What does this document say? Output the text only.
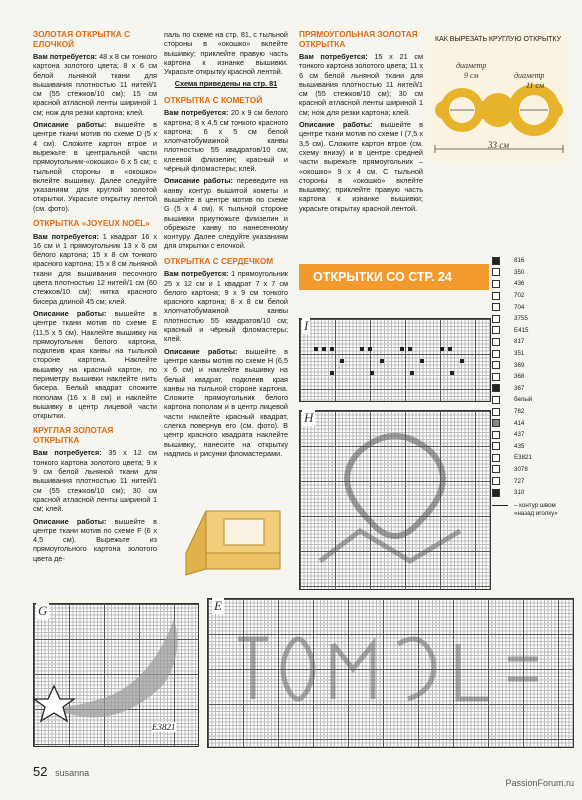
ЗОЛОТАЯ ОТКРЫТКА С ЕЛОЧКОЙ

Вам потребуется: 48 х 8 см тонкого картона золотого цвета; 8 х 6 см белой льняной ткани для вышивания плотностью 11 нитей/1 см (55 стежков/10 см); 15 см красной атласной ленты шириной 1 см; нож для резки картона; клей.

Описание работы: вышейте в центре ткани мотив по схеме D (5 х 4 см). Сложите картон втрое и вырежьте в центральной части прямоугольник-«окошко» 6 х 5 см; с тыльной стороны в «окошко» вклейте вышивку. Далее следуйте указаниям для круглой золотой открытки. Украсьте открытку лентой (см. фото).

ОТКРЫТКА «JOYEUX NOËL»

Вам потребуется: 1 квадрат 16 х 16 см и 1 прямоугольник 13 х 6 см белого картона; 15 х 8 см тонкого красного картона; 15 х 8 см льняной ткани для вышивания песочного цвета плотностью 12 нитей/1 см (60 стежков/10 см); нитка красного бисера длиной 45 см; клей.

Описание работы: вышейте в центре ткани мотив по схеме E (11,5 х 5 см). Наклейте вышивку на прямоугольник белого картона, подклеив края канвы на тыльной стороне картона. Наклейте вышивку на красный картон, по периметру вышивки наклейте нить бисера. Белый квадрат сложите пополам (16 х 8 см) и наклейте вышивку в центр лицевой части открытки.

КРУГЛАЯ ЗОЛОТАЯ ОТКРЫТКА

Вам потребуется: 35 х 12 см тонкого картона золотого цвета; 9 х 9 см белой льняной ткани для вышивания плотностью 11 нитей/1 см (55 стежков/10 см); 30 см красной атласной ленты шириной 1 см; клей.

Описание работы: вышейте в центре ткани мотив по схеме F (6 х 4,5 см). Вырежьте из прямоугольного картона золотого цвета де-

паль по схеме на стр. 81, с тыльной стороны в «окошко» вклейте вышивку; приклейте правую часть картона к изнанке вышивки. Украсьте открытку красной лентой.

Схема приведены на стр. 81

ОТКРЫТКА С КОМЕТОЙ

Вам потребуется: 20 х 9 см белого картона; 8 х 4,5 см тонкого красного картона; 6 х 5 см белой хлопчатобумажной канвы плотностью 55 квадратов/10 см; клеевой флизелин; красный и чёрный фломастеры; клей.

Описание работы: переведите на канву контур вышитой кометы и вышейте в центре мотив по схеме G (5 х 4 см). К тыльной стороне вышивки приутюжьте флизелин и обрежьте канву по нанесенному контуру. Далее следуйте указаниям для открытки с елочкой.

ОТКРЫТКА С СЕРДЕЧКОМ

Вам потребуется: 1 прямоугольник 25 х 12 см и 1 квадрат 7 х 7 см белого картона; 9 х 9 см тонкого красного картона; 8 х 8 см белой хлопчатобумажной канвы плотностью 55 квадратов/10 см; красный и чёрный фломастеры; клей.

Описание работы: вышейте в центре канвы мотив по схеме H (6,5 х 6 см) и наклейте вышивку на белый квадрат, подклеив края канвы на тыльной стороне картона. Сложите прямоугольник белого картона пополам и в центр лицевой части наклейте красный квадрат, слегка повернув его (см. фото). В центр красного квадрата наклейте вышивку; нанесите на открытку надпись и рисунки фломастерами.

ПРЯМОУГОЛЬНАЯ ЗОЛОТАЯ ОТКРЫТКА

Вам потребуется: 15 х 21 см тонкого картона золотого цвета; 11 х 6 см белой льняной ткани для вышивания плотностью 11 нитей/1 см (55 стежков/10 см); 30 см красной атласной ленты шириной 1 см; нож для резки картона; клей.

Описание работы: вышейте в центре ткани мотив по схеме I (7,5 х 3,5 см). Сложите картон втрое (см. схему внизу) и в центре средней части вырежьте прямоугольник – «окошко» 9 х 4 см. С тыльной стороны в «окошко» вклейте вышивку; приклейте правую часть картона к изнанке вышивки; украсьте открытку красной лентой.

КАК ВЫРЕЗАТЬ КРУГЛУЮ ОТКРЫТКУ
диаметр
9 см	диаметр
11 см
33 см
ОТКРЫТКИ СО СТР. 24
I
H
816
350
436
702
704
3755
E415
817
351
369
368
367
белый
762
414
437
435
E3821
3078
727
310
– контур швом «назад иголку»
E3821
G	E
52 susanna
PassionForum.ru
